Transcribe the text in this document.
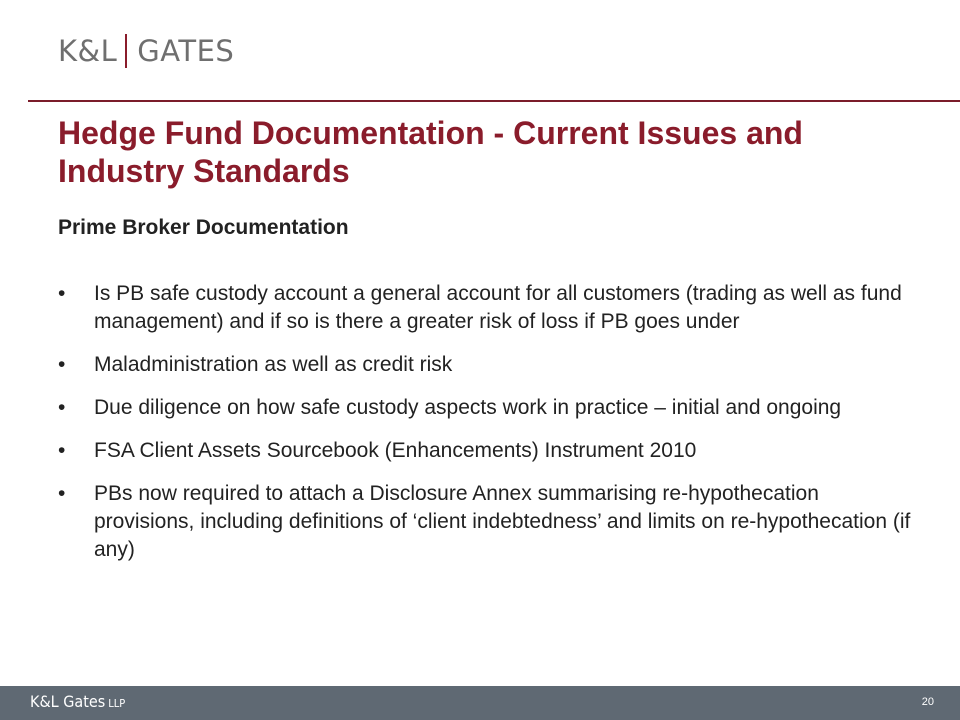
K&L GATES
Hedge Fund Documentation - Current Issues and Industry Standards
Prime Broker Documentation
• Is PB safe custody account a general account for all customers (trading as well as fund management) and if so is there a greater risk of loss if PB goes under
• Maladministration as well as credit risk
• Due diligence on how safe custody aspects work in practice – initial and ongoing
• FSA Client Assets Sourcebook (Enhancements) Instrument 2010
• PBs now required to attach a Disclosure Annex summarising re-hypothecation provisions, including definitions of ‘client indebtedness’ and limits on re-hypothecation (if any)
K&L Gates LLP	20
